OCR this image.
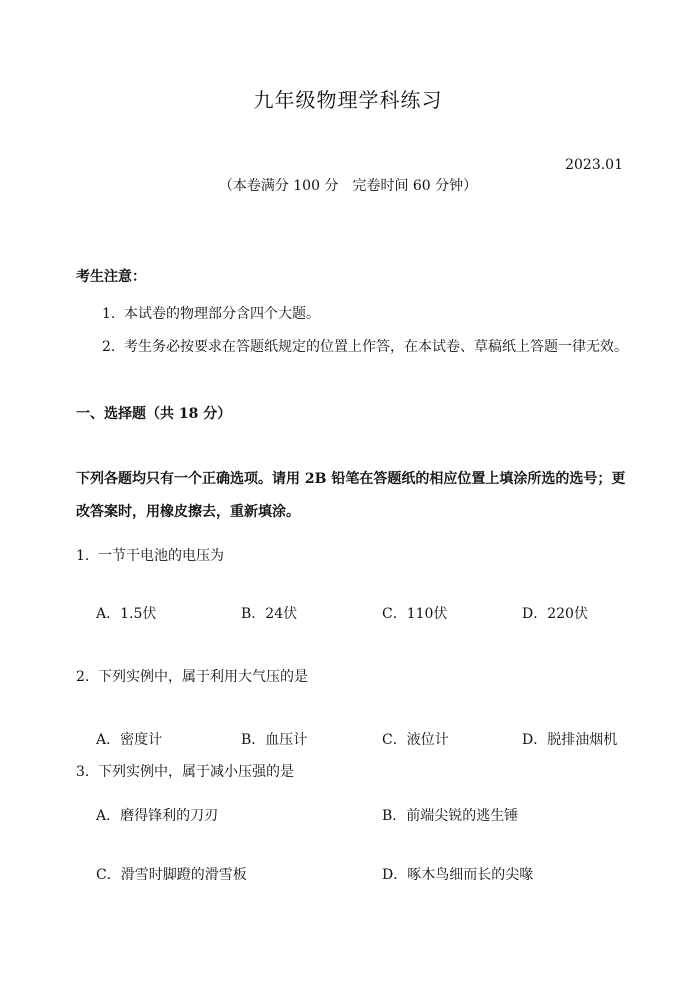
九年级物理学科练习
2023.01
（本卷满分 100 分　完卷时间 60 分钟）
考生注意：
1. 本试卷的物理部分含四个大题。
2. 考生务必按要求在答题纸规定的位置上作答，在本试卷、草稿纸上答题一律无效。
一、选择题（共 18 分）
下列各题均只有一个正确选项。请用 2B 铅笔在答题纸的相应位置上填涂所选的选号；更改答案时，用橡皮擦去，重新填涂。
1. 一节干电池的电压为
A．1.5伏	B．24伏	C．110伏	D．220伏
2. 下列实例中，属于利用大气压的是
A．密度计	B．血压计	C．液位计	D．脱排油烟机
3．下列实例中，属于减小压强的是
A．磨得锋利的刀刃	B．前端尖锐的逃生锤
C．滑雪时脚蹬的滑雪板	D．啄木鸟细而长的尖喙
